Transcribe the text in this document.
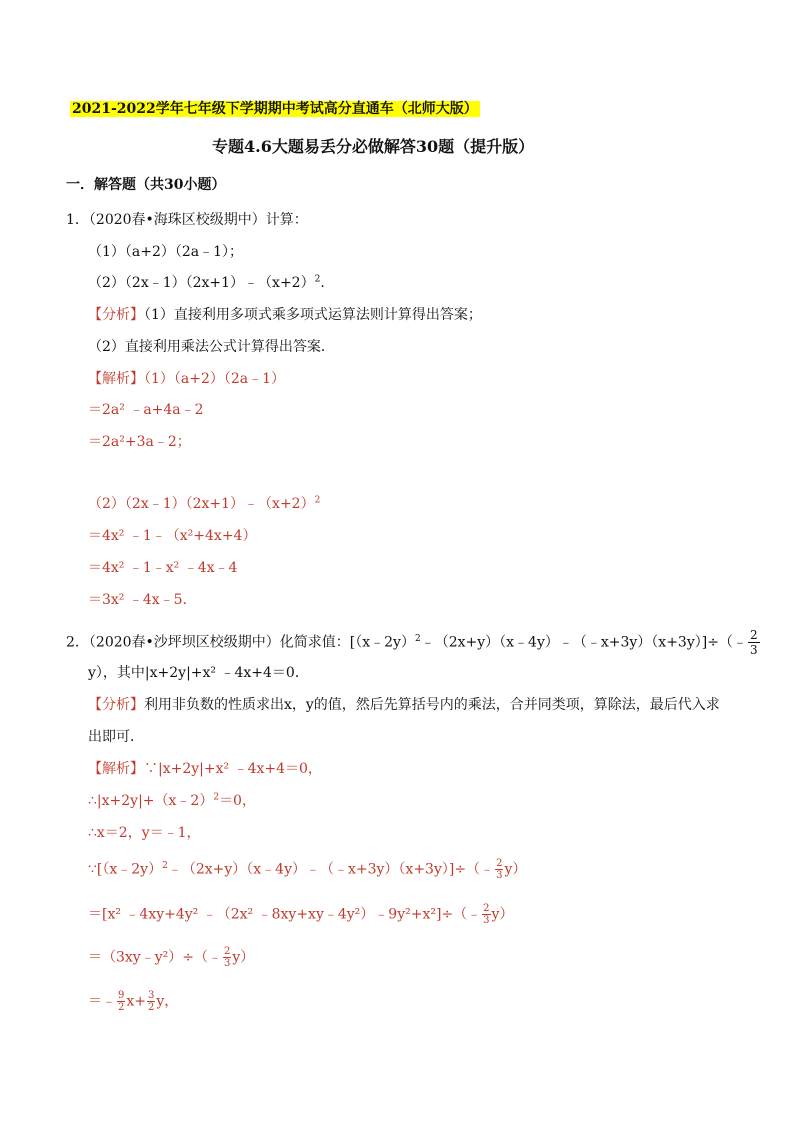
2021-2022学年七年级下学期期中考试高分直通车（北师大版）
专题4.6大题易丢分必做解答30题（提升版）
一．解答题（共30小题）
1．（2020春•海珠区校级期中）计算：
（1）（a+2）（2a﹣1）；
$(2)(2x﹣1)(2x+1)﹣(x+2)^2$.
【分析】（1）直接利用多项式乘多项式运算法则计算得出答案；
（2）直接利用乘法公式计算得出答案．
【解析】（1）（a+2）（2a﹣1）
＝2a² ﹣a+4a﹣2
＝2a²+3a﹣2；
$(2)(2x﹣1)(2x+1)﹣(x+2)^2$
＝4x² ﹣1﹣（x²+4x+4）
＝4x² ﹣1﹣x² ﹣4x﹣4
＝3x² ﹣4x﹣5．
2．（2020春•沙坪坝区校级期中）化简求值：[（x﹣2y）$^2$﹣（2x+y）（x﹣4y）﹣（﹣x+3y）（x+3y）]÷（﹣ $\frac{2}{3}$
y），其中|x+2y|+x² ﹣4x+4＝0．
【分析】利用非负数的性质求出x，y的值，然后先算括号内的乘法，合并同类项，算除法，最后代入求
出即可．
【解析】∵|x+2y|+x² ﹣4x+4＝0，
∴|x+2y|+（x﹣2）$^2$＝0，
∴x＝2，y＝﹣1，
∵[（x﹣2y）$^2$﹣（2x+y）（x﹣4y）﹣（﹣x+3y）（x+3y）]÷（﹣ $\frac{2}{3} y$）
＝[x² ﹣4xy+4y² ﹣（2x² ﹣8xy+xy﹣4y²）﹣9y²+x²]÷（﹣ $\frac{2}{3} y$）
＝（3xy﹣y²）÷（﹣ $\frac{2}{3} y$）
＝﹣ $\frac{9}{2} x+ \frac{3}{2}$ y，
